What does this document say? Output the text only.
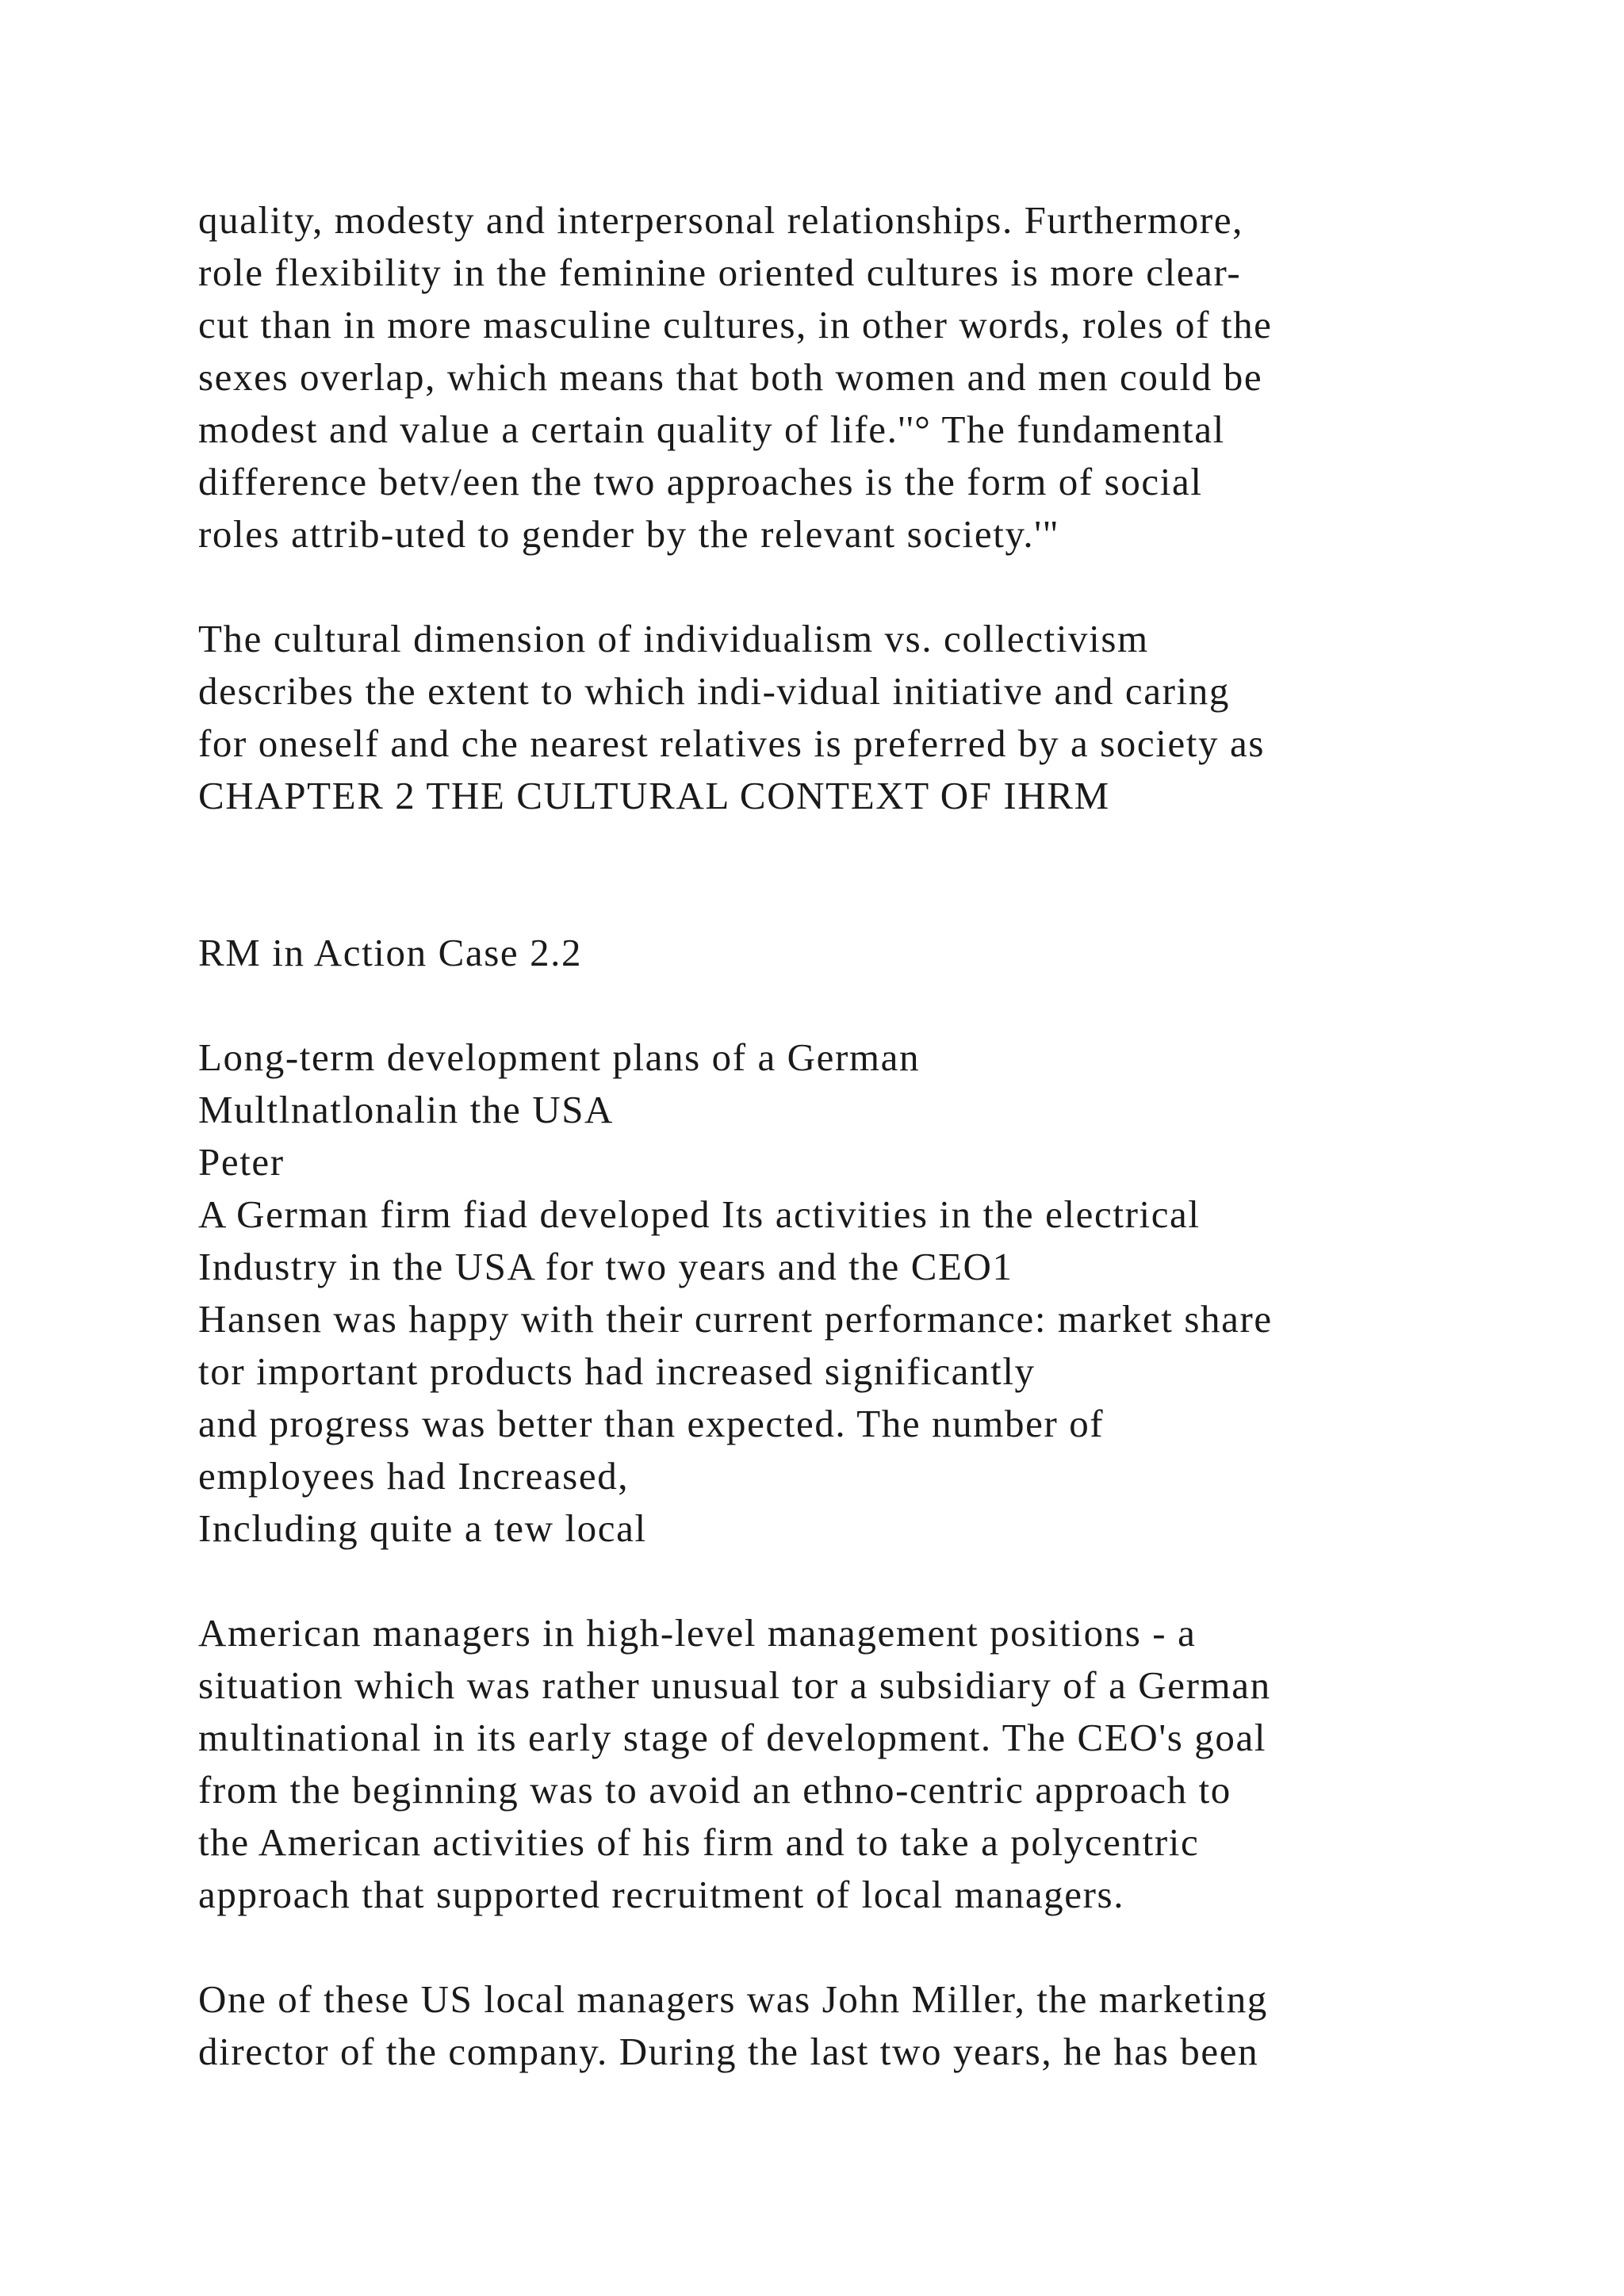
quality, modesty and interpersonal relationships. Furthermore,
role flexibility in the feminine oriented cultures is more clear-
cut than in more masculine cultures, in other words, roles of the
sexes overlap, which means that both women and men could be
modest and value a certain quality of life.''° The fundamental
difference betv/een the two approaches is the form of social
roles attrib-uted to gender by the relevant society.'"
The cultural dimension of individualism vs. collectivism
describes the extent to which indi-vidual initiative and caring
for oneself and che nearest relatives is preferred by a society as
CHAPTER 2 THE CULTURAL CONTEXT OF IHRM
RM in Action Case 2.2
Long-term development plans of a German
Multlnatlonalin the USA
Peter
A German firm fiad developed Its activities in the electrical
Industry in the USA for two years and the CEO1
Hansen was happy with their current performance: market share
tor important products had increased significantly
and progress was better than expected. The number of
employees had Increased,
Including quite a tew local
American managers in high-level management positions - a
situation which was rather unusual tor a subsidiary of a German
multinational in its early stage of development. The CEO's goal
from the beginning was to avoid an ethno-centric approach to
the American activities of his firm and to take a polycentric
approach that supported recruitment of local managers.
One of these US local managers was John Miller, the marketing
director of the company. During the last two years, he has been
